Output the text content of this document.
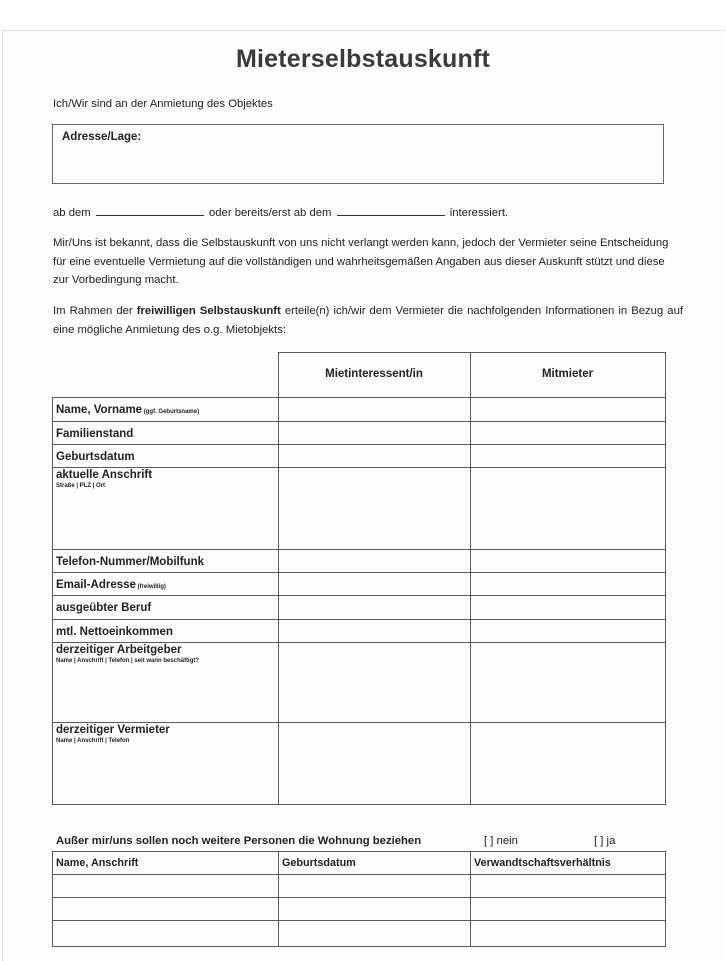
Mieterselbstauskunft
Ich/Wir sind an der Anmietung des Objektes
Adresse/Lage:
ab dem	oder bereits/erst ab dem	interessiert.
Mir/Uns ist bekannt, dass die Selbstauskunft von uns nicht verlangt werden kann, jedoch der Vermieter seine Entscheidung für eine eventuelle Vermietung auf die vollständigen und wahrheitsgemäßen Angaben aus dieser Auskunft stützt und diese zur Vorbedingung macht.
Im Rahmen der freiwilligen Selbstauskunft erteile(n) ich/wir dem Vermieter die nachfolgenden Informationen in Bezug auf eine mögliche Anmietung des o.g. Mietobjekts:
Mietinteressent/in	Mitmieter
Name, Vorname (ggf. Geburtsname)
Familienstand
Geburtsdatum
aktuelle Anschrift
Straße | PLZ | Ort
Telefon-Nummer/Mobilfunk
Email-Adresse (freiwillig)
ausgeübter Beruf
mtl. Nettoeinkommen
derzeitiger Arbeitgeber
Name | Anschrift | Telefon | seit wann beschäftigt?
derzeitiger Vermieter
Name | Anschrift | Telefon
Außer mir/uns sollen noch weitere Personen die Wohnung beziehen	[ ] nein	[ ] ja
Name, Anschrift	Geburtsdatum	Verwandtschaftsverhältnis
